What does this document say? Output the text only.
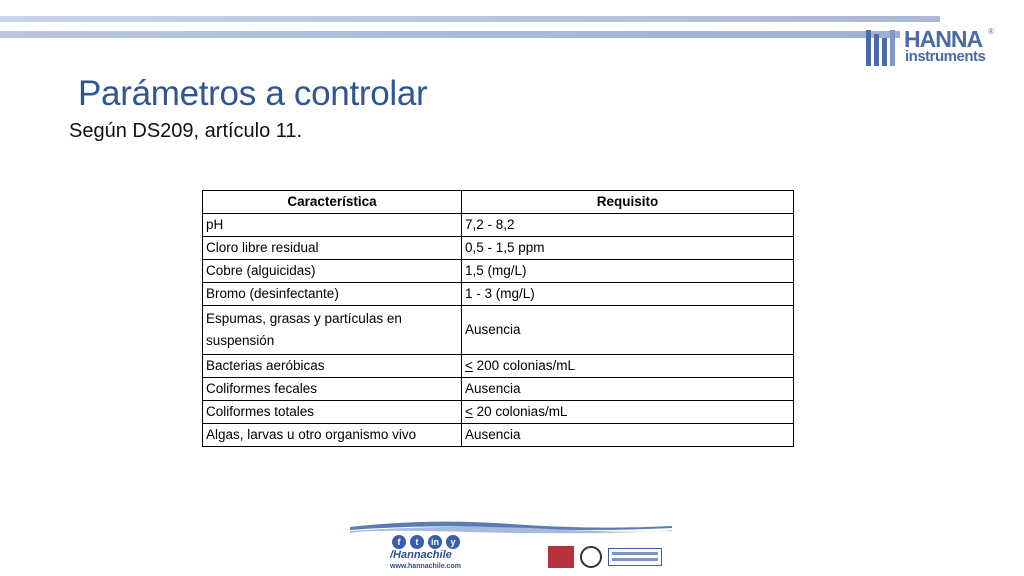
HANNA ®
instruments
Parámetros a controlar
Según DS209, artículo 11.
Característica	Requisito
pH	7,2 - 8,2
Cloro libre residual	0,5 - 1,5 ppm
Cobre (alguicidas)	1,5 (mg/L)
Bromo (desinfectante)	1 - 3 (mg/L)
Espumas, grasas y partículas en suspensión	Ausencia
Bacterias aeróbicas	≤ 200 colonias/mL
Coliformes fecales	Ausencia
Coliformes totales	≤ 20 colonias/mL
Algas, larvas u otro organismo vivo	Ausencia
f t in y
/Hannachile
www.hannachile.com
